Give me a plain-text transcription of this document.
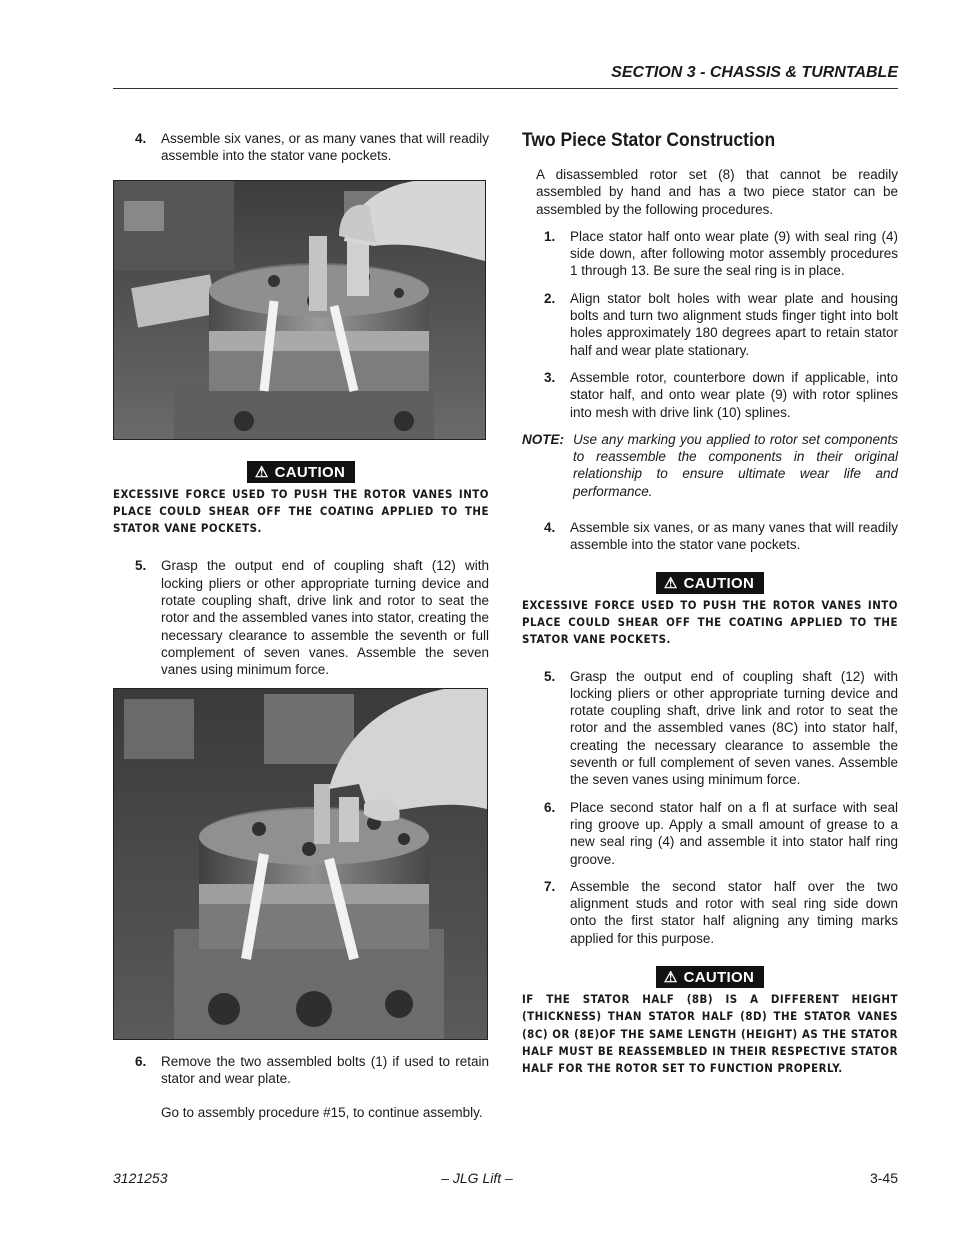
SECTION 3 - CHASSIS & TURNTABLE

4. Assemble six vanes, or as many vanes that will readily assemble into the stator vane pockets.

⚠ CAUTION

EXCESSIVE FORCE USED TO PUSH THE ROTOR VANES INTO PLACE COULD SHEAR OFF THE COATING APPLIED TO THE STATOR VANE POCKETS.

5. Grasp the output end of coupling shaft (12) with locking pliers or other appropriate turning device and rotate coupling shaft, drive link and rotor to seat the rotor and the assembled vanes into stator, creating the necessary clearance to assemble the seventh or full complement of seven vanes. Assemble the seven vanes using minimum force.

6. Remove the two assembled bolts (1) if used to retain stator and wear plate.

Go to assembly procedure #15, to continue assembly.

Two Piece Stator Construction

A disassembled rotor set (8) that cannot be readily assembled by hand and has a two piece stator can be assembled by the following procedures.

1. Place stator half onto wear plate (9) with seal ring (4) side down, after following motor assembly procedures 1 through 13. Be sure the seal ring is in place.

2. Align stator bolt holes with wear plate and housing bolts and turn two alignment studs finger tight into bolt holes approximately 180 degrees apart to retain stator half and wear plate stationary.

3. Assemble rotor, counterbore down if applicable, into stator half, and onto wear plate (9) with rotor splines into mesh with drive link (10) splines.

NOTE: Use any marking you applied to rotor set components to reassemble the components in their original relationship to ensure ultimate wear life and performance.

4. Assemble six vanes, or as many vanes that will readily assemble into the stator vane pockets.

⚠ CAUTION

EXCESSIVE FORCE USED TO PUSH THE ROTOR VANES INTO PLACE COULD SHEAR OFF THE COATING APPLIED TO THE STATOR VANE POCKETS.

5. Grasp the output end of coupling shaft (12) with locking pliers or other appropriate turning device and rotate coupling shaft, drive link and rotor to seat the rotor and the assembled vanes (8C) into stator half, creating the necessary clearance to assemble the seventh or full complement of seven vanes. Assemble the seven vanes using minimum force.

6. Place second stator half on a fl at surface with seal ring groove up. Apply a small amount of grease to a new seal ring (4) and assemble it into stator half ring groove.

7. Assemble the second stator half over the two alignment studs and rotor with seal ring side down onto the first stator half aligning any timing marks applied for this purpose.

⚠ CAUTION

IF THE STATOR HALF (8B) IS A DIFFERENT HEIGHT (THICKNESS) THAN STATOR HALF (8D) THE STATOR VANES (8C) OR (8E)OF THE SAME LENGTH (HEIGHT) AS THE STATOR HALF MUST BE REASSEMBLED IN THEIR RESPECTIVE STATOR HALF FOR THE ROTOR SET TO FUNCTION PROPERLY.

3121253	– JLG Lift –	3-45
